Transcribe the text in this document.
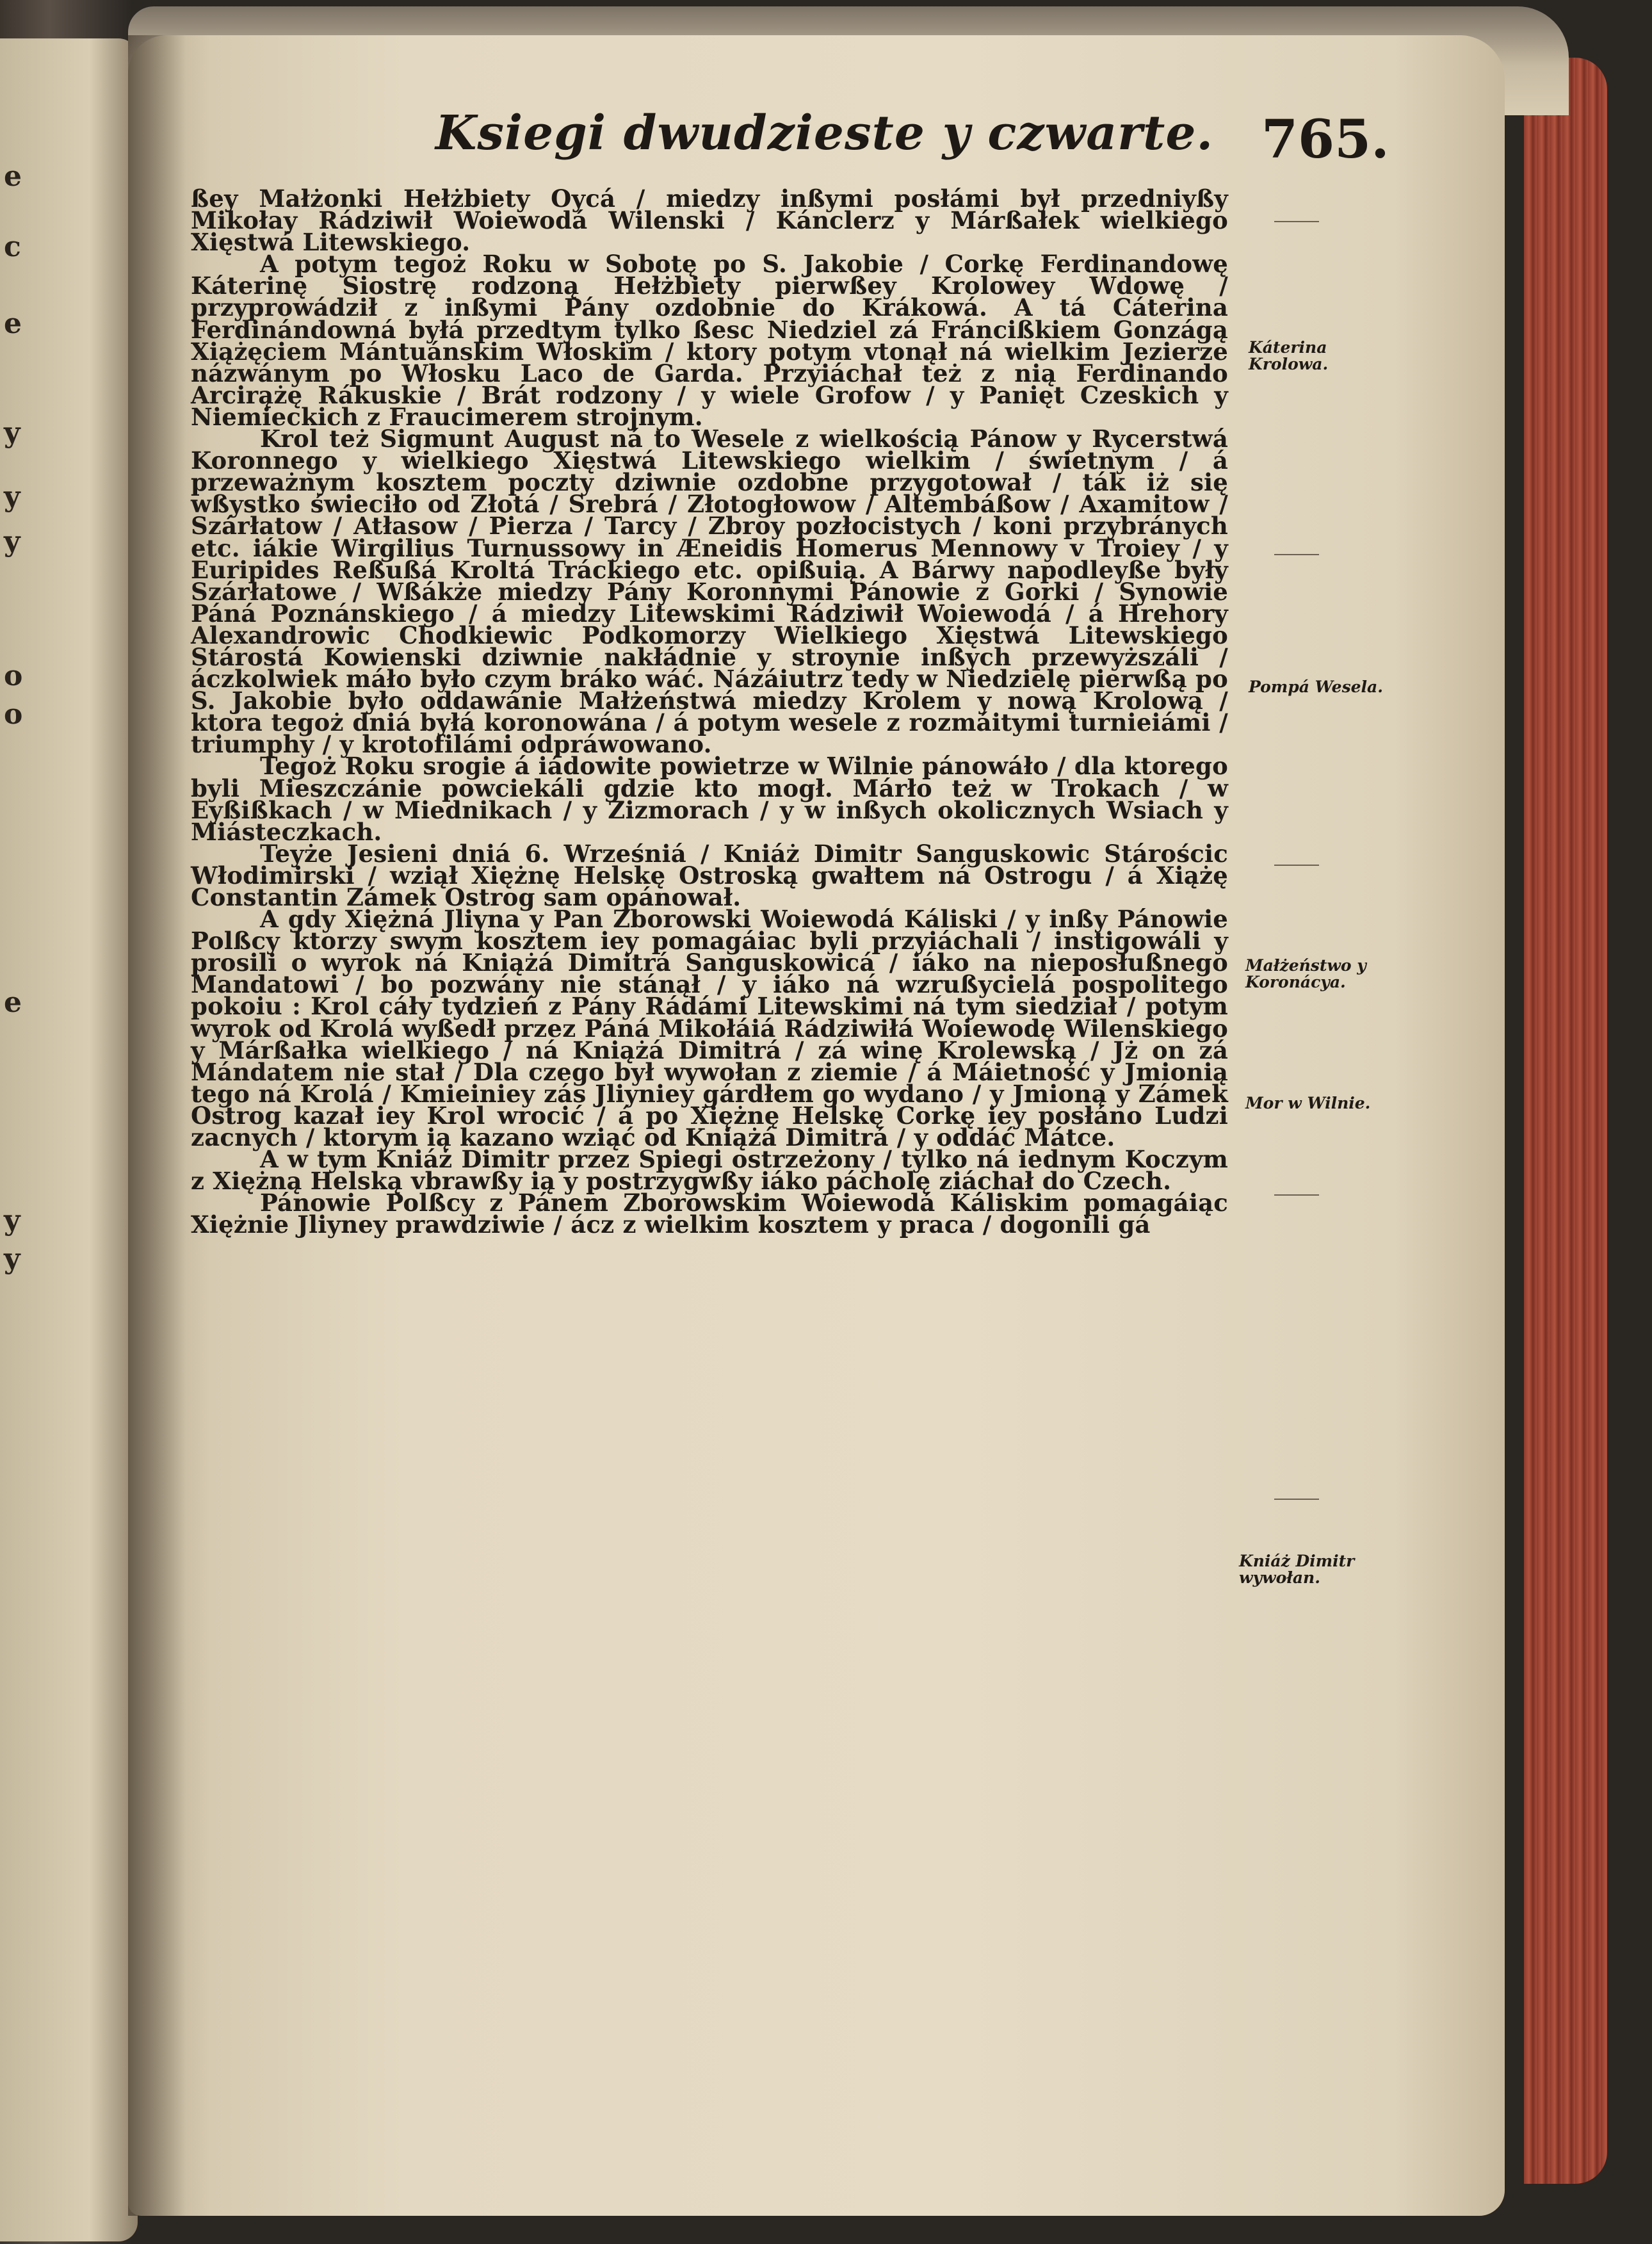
e
c
e
y
y
y
o
o
e
y
y
Ksiegi dwudzieste y czwarte. 765.

ßey Małżonki Hełżbiety Oycá / miedzy inßymi posłámi był przedniyßy Mikołay Rádziwił Woiewodá Wilenski / Kánclerz y Márßałek wielkiego Xięstwá Litewskiego.

A potym tegoż Roku w Sobotę po S. Jakobie / Corkę Ferdinandowę Káterinę Siostrę rodzoną Hełżbiety pierwßey Krolowey Wdowę / przyprowádził z inßymi Pány ozdobnie do Krákowá. A tá Cáterina Ferdinándowná byłá przedtym tylko ßesc Niedziel zá Fráncißkiem Gonzágą Xiążęciem Mántuánskim Włoskim / ktory potym vtonął ná wielkim Jezierze názwánym po Włosku Laco de Garda. Przyiáchał też z nią Ferdinando Arcirążę Rákuskie / Brát rodzony / y wiele Grofow / y Panięt Czeskich y Niemieckich z Fraucimerem strojnym.

Krol też Sigmunt August ná to Wesele z wielkością Pánow y Rycerstwá Koronnego y wielkiego Xięstwá Litewskiego wielkim / świetnym / á przeważnym kosztem poczty dziwnie ozdobne przygotował / ták iż się wßystko świeciło od Złotá / Srebrá / Złotogłowow / Altembáßow / Axamitow / Szárłatow / Atłasow / Pierza / Tarcy / Zbroy pozłocistych / koni przybránych etc. iákie Wirgilius Turnussowy in Æneidis Homerus Mennowy v Troiey / y Euripides Reßußá Kroltá Tráckiego etc. opißuią. A Bárwy napodleyße były Szárłatowe / Wßákże miedzy Pány Koronnymi Pánowie z Gorki / Synowie Páná Poznánskiego / á miedzy Litewskimi Rádziwił Woiewodá / á Hrehory Alexandrowic Chodkiewic Podkomorzy Wielkiego Xięstwá Litewskiego Stárostá Kowienski dziwnie nakłádnie y stroynie inßych przewyższáli / áczkolwiek máło było czym bráko wáć. Názáiutrz tedy w Niedzielę pierwßą po S. Jakobie było oddawánie Małżeństwá miedzy Krolem y nową Krolową / ktora tegoż dniá byłá koronowána / á potym wesele z rozmáitymi turnieiámi / triumphy / y krotofilámi odpráwowano.

Tegoż Roku srogie á iádowite powietrze w Wilnie pánowáło / dla ktorego byli Mieszczánie powciekáli gdzie kto mogł. Márło też w Trokach / w Eyßißkach / w Miednikach / y Zizmorach / y w inßych okolicznych Wsiach y Miásteczkach.

Teyże Jesieni dniá 6. Wrześniá / Kniáż Dimitr Sanguskowic Stárościc Włodimirski / wziął Xiężnę Helskę Ostroską gwałtem ná Ostrogu / á Xiążę Constantin Zámek Ostrog sam opánował.

A gdy Xiężná Jliyna y Pan Zborowski Woiewodá Káliski / y inßy Pánowie Polßcy ktorzy swym kosztem iey pomagáiac byli przyiáchali / instigowáli y prosili o wyrok ná Kniążá Dimitrá Sanguskowicá / iáko na nieposłußnego Mandatowi / bo pozwány nie stánął / y iáko ná wzrußycielá pospolitego pokoiu : Krol cáły tydzień z Pány Rádámi Litewskimi ná tym siedział / potym wyrok od Krolá wyßedł przez Páná Mikołáiá Rádziwiłá Woiewodę Wilenskiego y Márßałka wielkiego / ná Kniążá Dimitrá / zá winę Krolewską / Jż on zá Mándatem nie stał / Dla czego był wywołan z ziemie / á Máietność y Jmionią tego ná Krolá / Kmieiniey zás Jliyniey gárdłem go wydano / y Jmioną y Zámek Ostrog kazał iey Krol wrocić / á po Xiężnę Helskę Corkę iey posłáno Ludzi zacnych / ktorym ią kazano wziąć od Kniążá Dimitrá / y oddáć Mátce.

A w tym Kniáż Dimitr przez Spiegi ostrzeżony / tylko ná iednym Koczym z Xiężną Helską vbrawßy ią y postrzygwßy iáko pácholę ziáchał do Czech.

Pánowie Polßcy z Pánem Zborowskim Woiewodá Káliskim pomagáiąc Xiężnie Jliyney prawdziwie / ácz z wielkim kosztem y praca / dogonili gá

Káterina Krolowa.
Pompá Wesela.
Małżeństwo y Koronácya.
Mor w Wilnie.
Kniáż Dimitr wywołan.
